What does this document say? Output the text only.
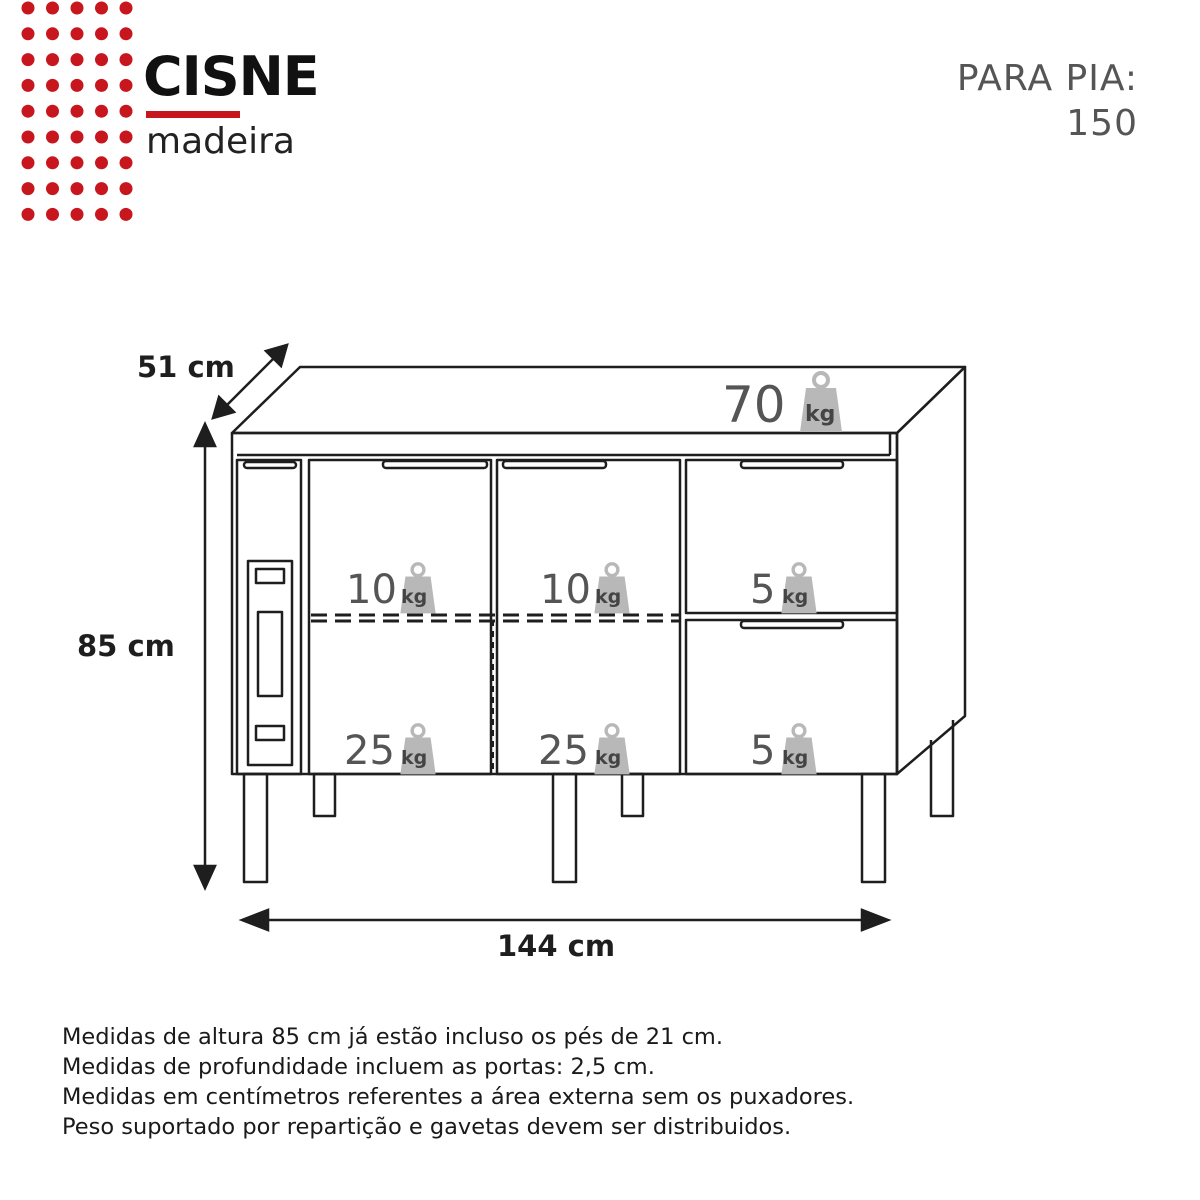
CISNE
madeira
PARA PIA:
150
51 cm
85 cm
144 cm
70 kg
10 kg	10 kg	5 kg
25 kg	25 kg	5 kg
Medidas de altura 85 cm já estão incluso os pés de 21 cm.
Medidas de profundidade incluem as portas: 2,5 cm.
Medidas em centímetros referentes a área externa sem os puxadores.
Peso suportado por repartição e gavetas devem ser distribuidos.
